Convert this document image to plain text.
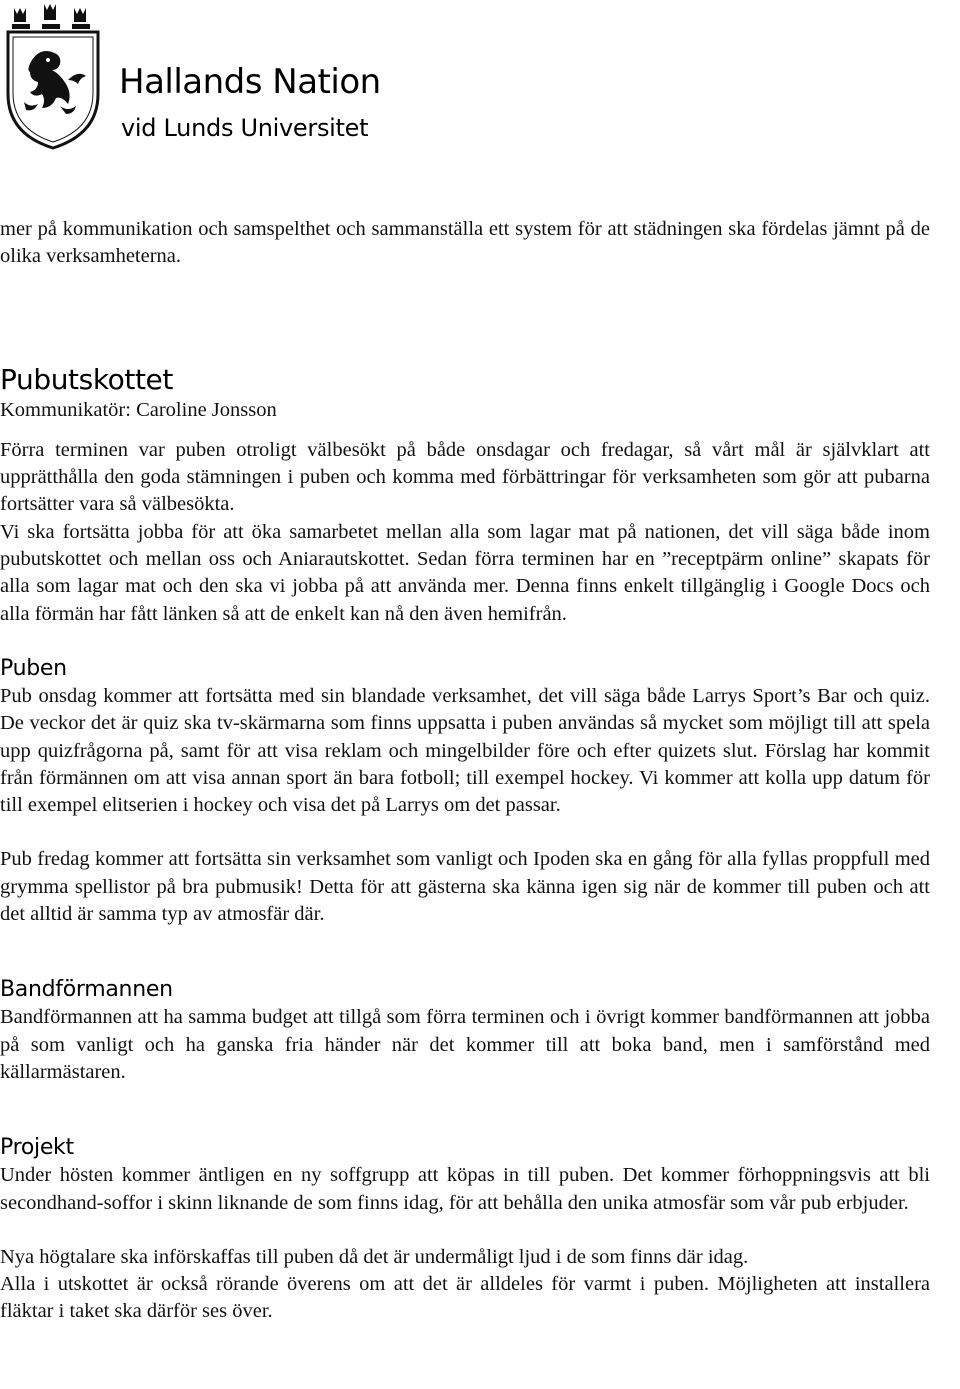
Hallands Nation
vid Lunds Universitet

mer på kommunikation och samspelthet och sammanställa ett system för att städningen ska fördelas jämnt på de olika verksamheterna.

Pubutskottet

Kommunikatör: Caroline Jonsson

Förra terminen var puben otroligt välbesökt på både onsdagar och fredagar, så vårt mål är självklart att upprätthålla den goda stämningen i puben och komma med förbättringar för verksamheten som gör att pubarna fortsätter vara så välbesökta.

Vi ska fortsätta jobba för att öka samarbetet mellan alla som lagar mat på nationen, det vill säga både inom pubutskottet och mellan oss och Aniarautskottet. Sedan förra terminen har en ”receptpärm online” skapats för alla som lagar mat och den ska vi jobba på att använda mer. Denna finns enkelt tillgänglig i Google Docs och alla förmän har fått länken så att de enkelt kan nå den även hemifrån.

Puben

Pub onsdag kommer att fortsätta med sin blandade verksamhet, det vill säga både Larrys Sport’s Bar och quiz. De veckor det är quiz ska tv-skärmarna som finns uppsatta i puben användas så mycket som möjligt till att spela upp quizfrågorna på, samt för att visa reklam och mingelbilder före och efter quizets slut. Förslag har kommit från förmännen om att visa annan sport än bara fotboll; till exempel hockey. Vi kommer att kolla upp datum för till exempel elitserien i hockey och visa det på Larrys om det passar.

Pub fredag kommer att fortsätta sin verksamhet som vanligt och Ipoden ska en gång för alla fyllas proppfull med grymma spellistor på bra pubmusik! Detta för att gästerna ska känna igen sig när de kommer till puben och att det alltid är samma typ av atmosfär där.

Bandförmannen

Bandförmannen att ha samma budget att tillgå som förra terminen och i övrigt kommer bandförmannen att jobba på som vanligt och ha ganska fria händer när det kommer till att boka band, men i samförstånd med källarmästaren.

Projekt

Under hösten kommer äntligen en ny soffgrupp att köpas in till puben. Det kommer förhoppningsvis att bli secondhand-soffor i skinn liknande de som finns idag, för att behålla den unika atmosfär som vår pub erbjuder.

Nya högtalare ska införskaffas till puben då det är undermåligt ljud i de som finns där idag.

Alla i utskottet är också rörande överens om att det är alldeles för varmt i puben. Möjligheten att installera fläktar i taket ska därför ses över.
